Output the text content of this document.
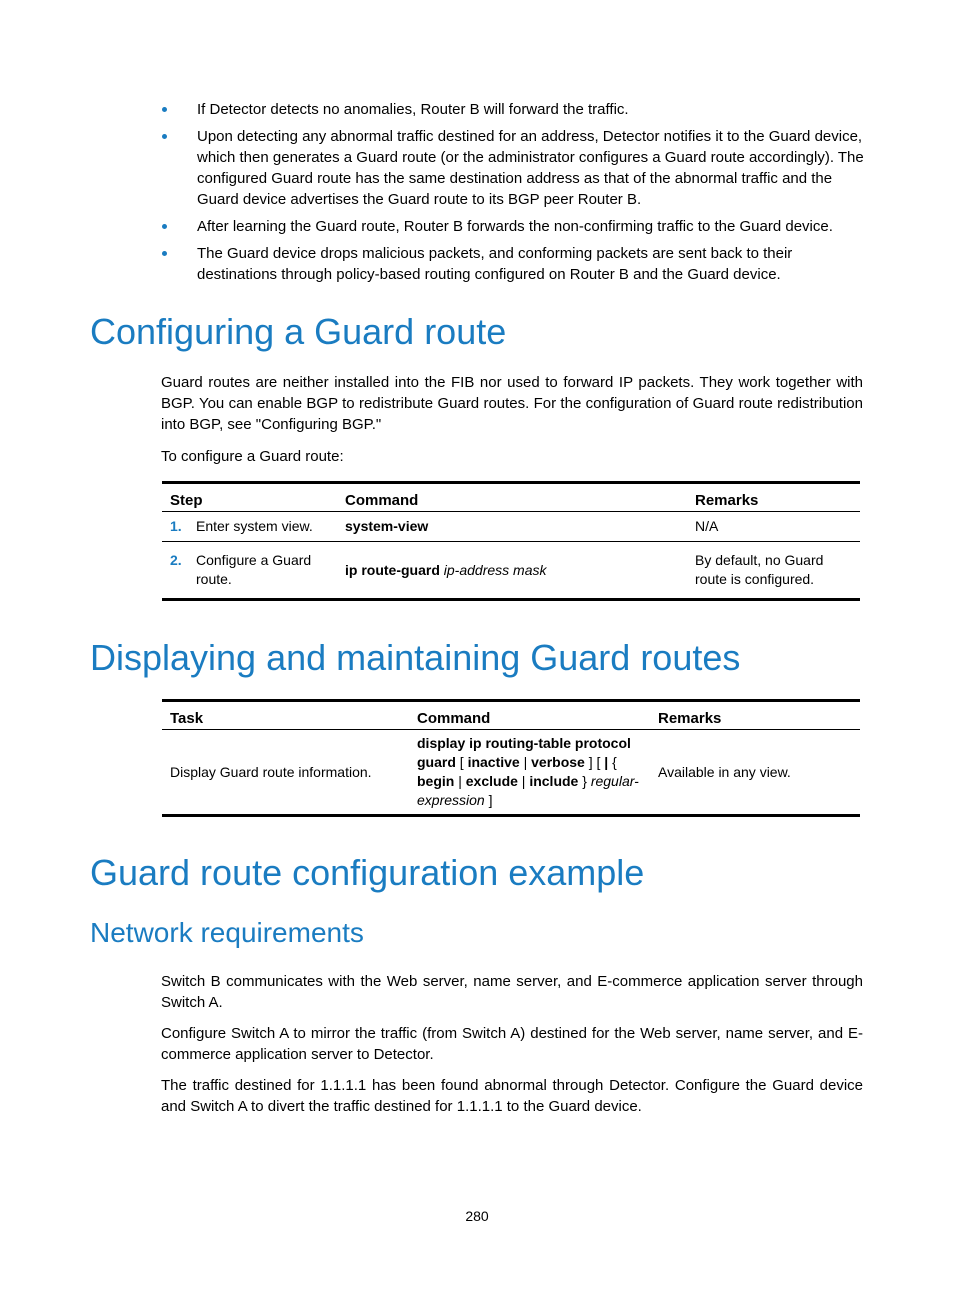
If Detector detects no anomalies, Router B will forward the traffic.
Upon detecting any abnormal traffic destined for an address, Detector notifies it to the Guard device, which then generates a Guard route (or the administrator configures a Guard route accordingly). The configured Guard route has the same destination address as that of the abnormal traffic and the Guard device advertises the Guard route to its BGP peer Router B.
After learning the Guard route, Router B forwards the non-confirming traffic to the Guard device.
The Guard device drops malicious packets, and conforming packets are sent back to their destinations through policy-based routing configured on Router B and the Guard device.
Configuring a Guard route

Guard routes are neither installed into the FIB nor used to forward IP packets. They work together with BGP. You can enable BGP to redistribute Guard routes. For the configuration of Guard route redistribution into BGP, see "Configuring BGP."

To configure a Guard route:

Step	Command	Remarks
1. Enter system view.	system-view	N/A
2. Configure a Guard route.	ip route-guard ip-address mask	By default, no Guard route is configured.
Displaying and maintaining Guard routes
Task	Command	Remarks
Display Guard route information.	display ip routing-table protocol guard [ inactive | verbose ] [ | { begin | exclude | include } regular-expression ]	Available in any view.
Guard route configuration example
Network requirements

Switch B communicates with the Web server, name server, and E-commerce application server through Switch A.

Configure Switch A to mirror the traffic (from Switch A) destined for the Web server, name server, and E-commerce application server to Detector.

The traffic destined for 1.1.1.1 has been found abnormal through Detector. Configure the Guard device and Switch A to divert the traffic destined for 1.1.1.1 to the Guard device.

280
